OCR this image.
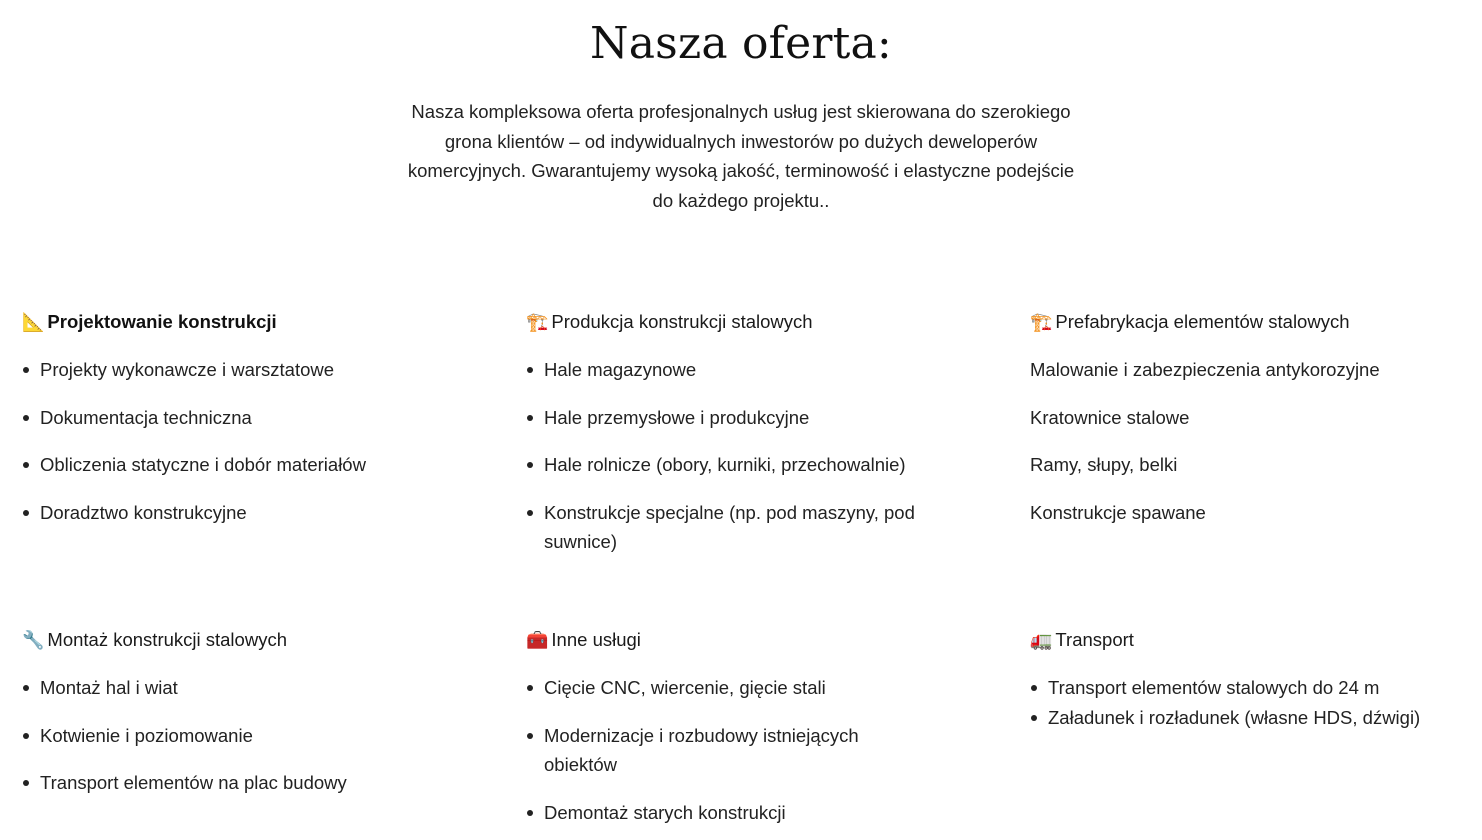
Nasza oferta:

Nasza kompleksowa oferta profesjonalnych usług jest skierowana do szerokiego grona klientów – od indywidualnych inwestorów po dużych deweloperów komercyjnych. Gwarantujemy wysoką jakość, terminowość i elastyczne podejście do każdego projektu..

📐 Projektowanie konstrukcji
Projekty wykonawcze i warsztatowe
Dokumentacja techniczna
Obliczenia statyczne i dobór materiałów
Doradztwo konstrukcyjne
🏗️ Produkcja konstrukcji stalowych
Hale magazynowe
Hale przemysłowe i produkcyjne
Hale rolnicze (obory, kurniki, przechowalnie)
Konstrukcje specjalne (np. pod maszyny, pod suwnice)
🏗️ Prefabrykacja elementów stalowych
Malowanie i zabezpieczenia antykorozyjne
Kratownice stalowe
Ramy, słupy, belki
Konstrukcje spawane
🔧 Montaż konstrukcji stalowych
Montaż hal i wiat
Kotwienie i poziomowanie
Transport elementów na plac budowy
🧰 Inne usługi
Cięcie CNC, wiercenie, gięcie stali
Modernizacje i rozbudowy istniejących obiektów
Demontaż starych konstrukcji
🚛 Transport
Transport elementów stalowych do 24 m
Załadunek i rozładunek (własne HDS, dźwigi)
